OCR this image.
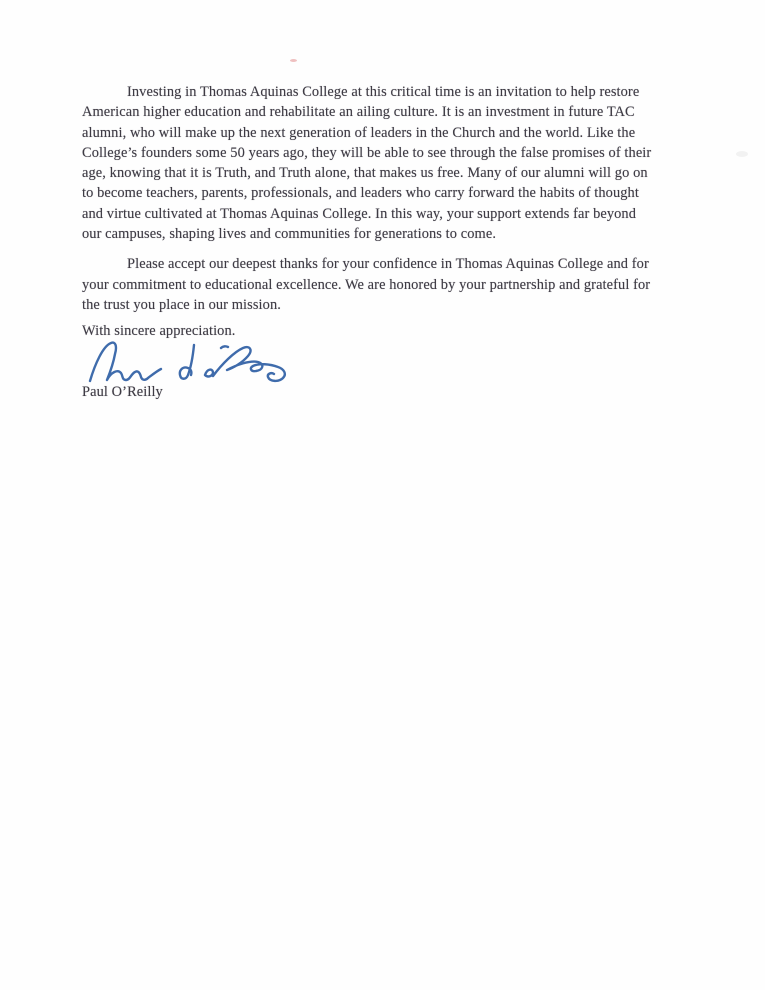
Investing in Thomas Aquinas College at this critical time is an invitation to help restore
American higher education and rehabilitate an ailing culture. It is an investment in future TAC
alumni, who will make up the next generation of leaders in the Church and the world. Like the
College’s founders some 50 years ago, they will be able to see through the false promises of their
age, knowing that it is Truth, and Truth alone, that makes us free. Many of our alumni will go on
to become teachers, parents, professionals, and leaders who carry forward the habits of thought
and virtue cultivated at Thomas Aquinas College. In this way, your support extends far beyond
our campuses, shaping lives and communities for generations to come.

Please accept our deepest thanks for your confidence in Thomas Aquinas College and for
your commitment to educational excellence. We are honored by your partnership and grateful for
the trust you place in our mission.

With sincere appreciation.
Paul O’Reilly
